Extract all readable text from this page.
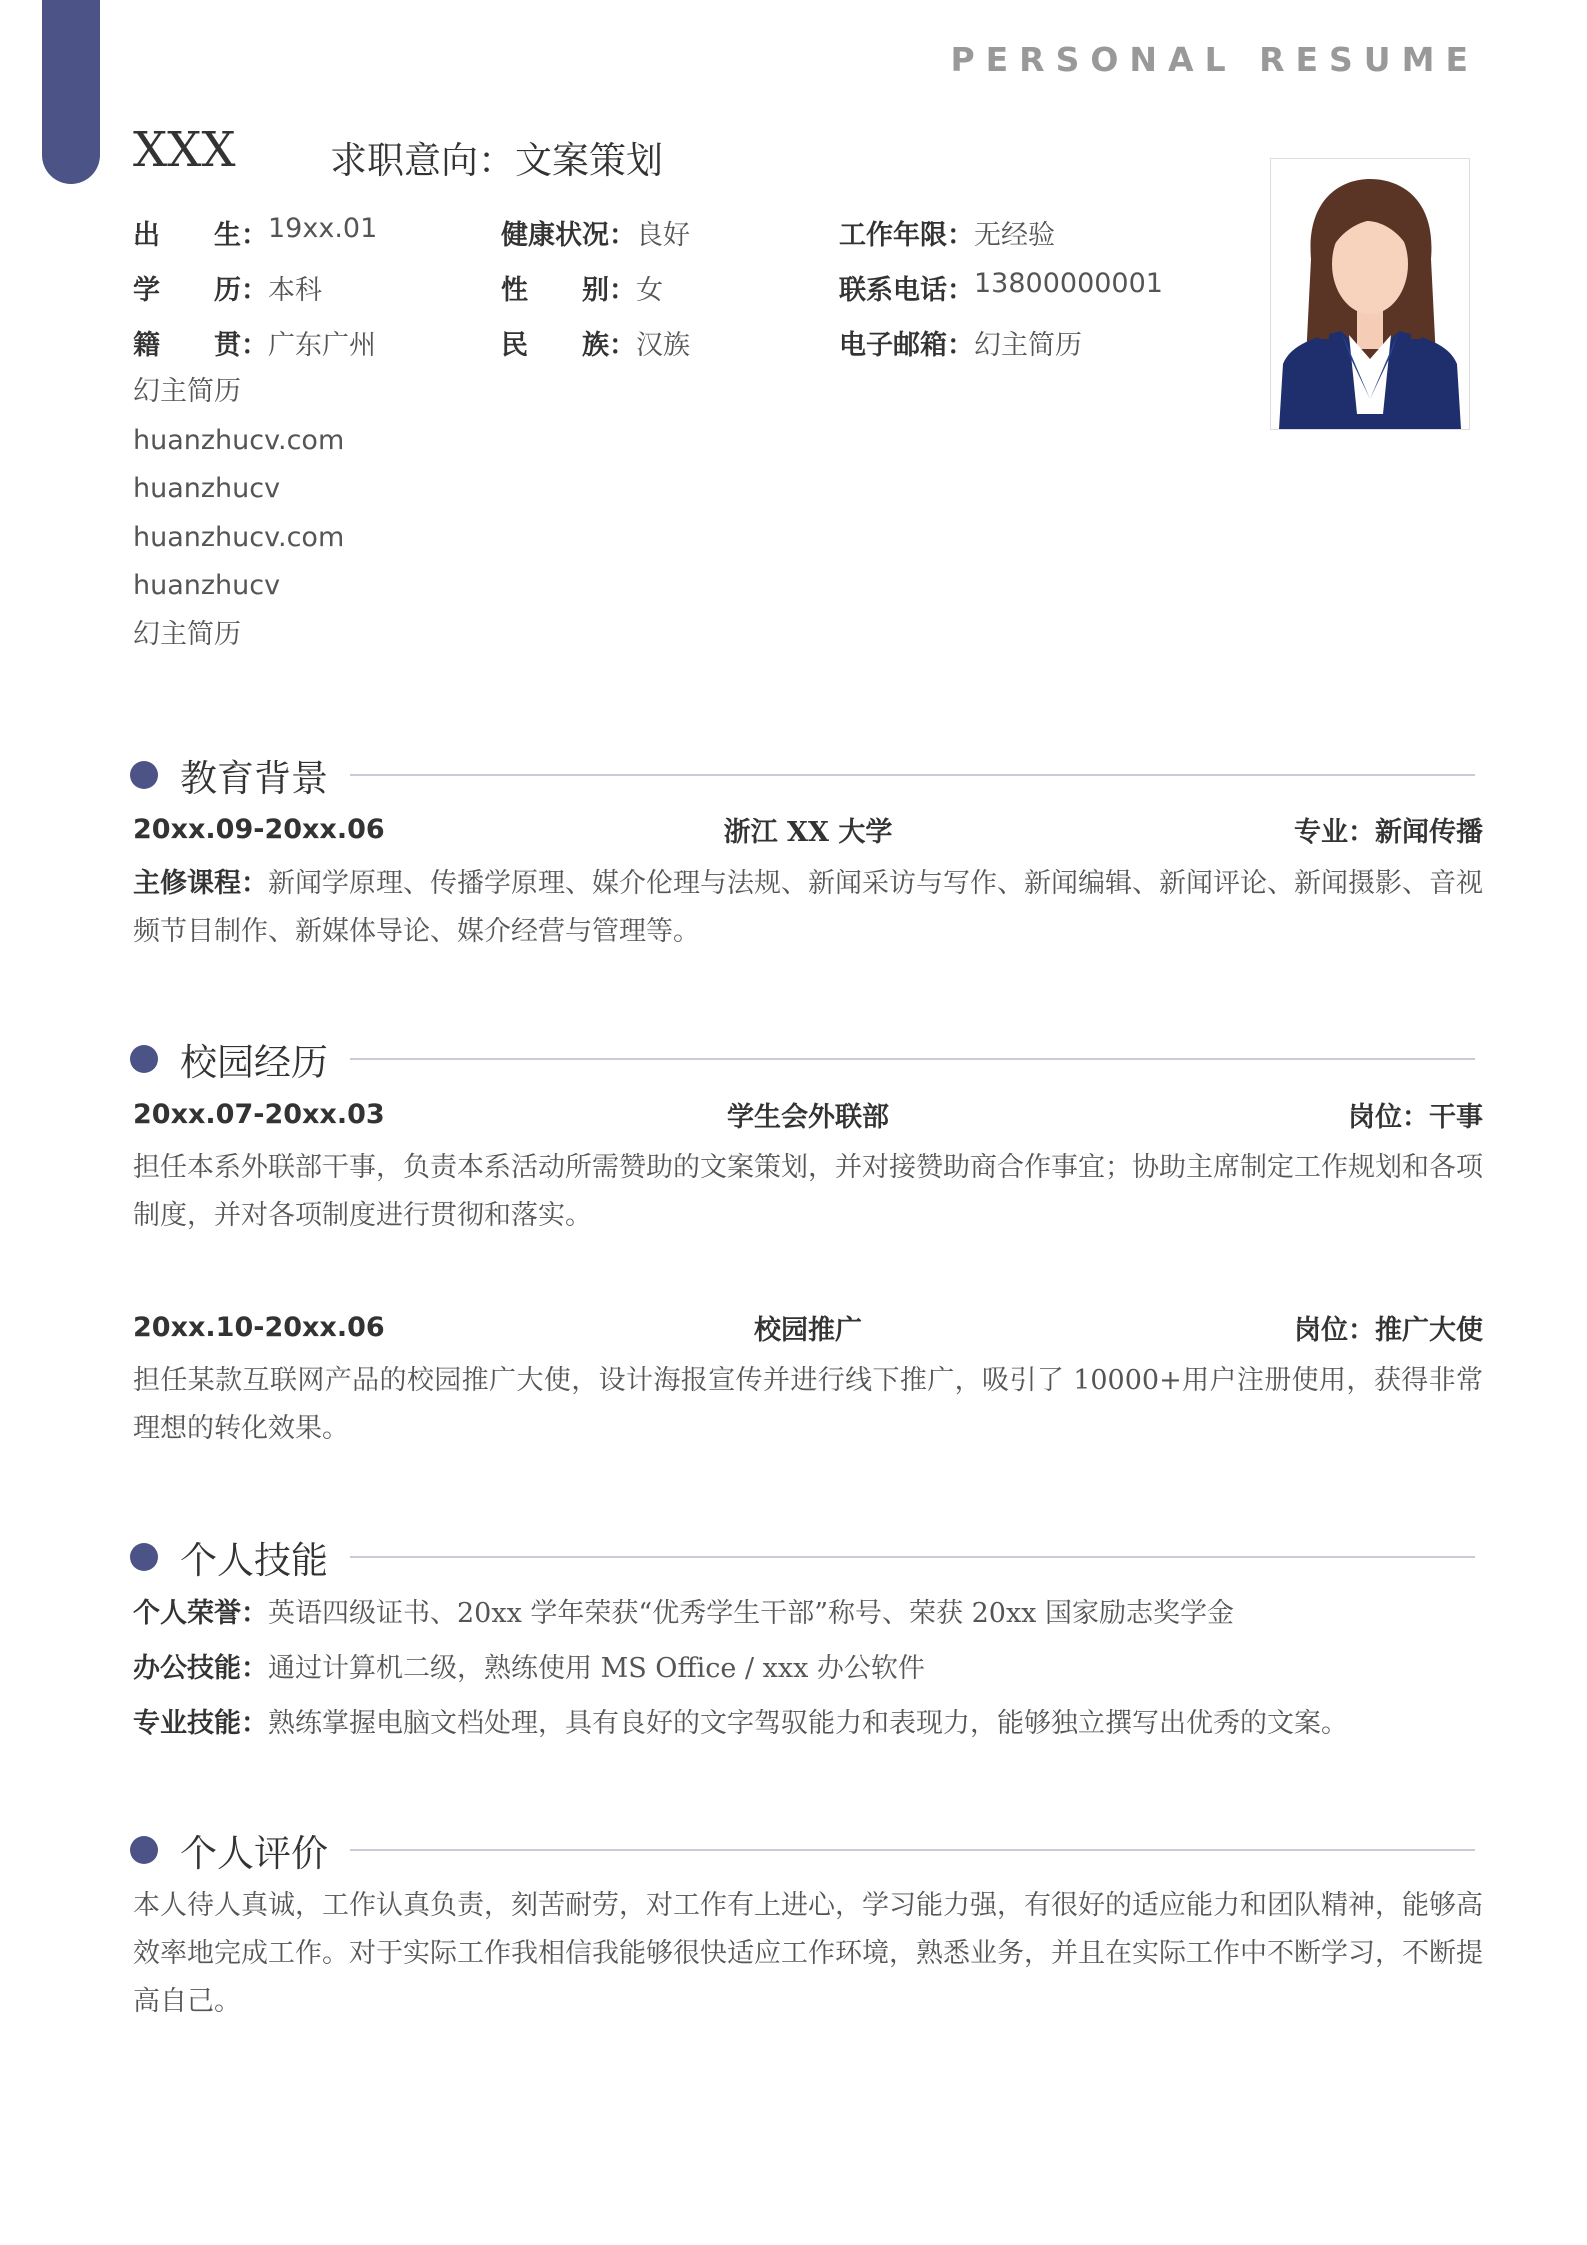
PERSONAL RESUME
XXX	求职意向：文案策划
出　　生： 19xx.01	健康状况： 良好	工作年限： 无经验
学　　历： 本科	性　　别： 女	联系电话： 13800000001
籍　　贯： 广东广州	民　　族： 汉族	电子邮箱： 幻主简历
幻主简历
huanzhucv.com
huanzhucv
huanzhucv.com
huanzhucv
幻主简历
教育背景
20xx.09-20xx.06	浙江 XX 大学	专业：新闻传播
主修课程：新闻学原理、传播学原理、媒介伦理与法规、新闻采访与写作、新闻编辑、新闻评论、新闻摄影、音视频节目制作、新媒体导论、媒介经营与管理等。
校园经历
20xx.07-20xx.03	学生会外联部	岗位：干事
担任本系外联部干事，负责本系活动所需赞助的文案策划，并对接赞助商合作事宜；协助主席制定工作规划和各项制度，并对各项制度进行贯彻和落实。
20xx.10-20xx.06	校园推广	岗位：推广大使
担任某款互联网产品的校园推广大使，设计海报宣传并进行线下推广，吸引了 10000+用户注册使用，获得非常理想的转化效果。
个人技能
个人荣誉：英语四级证书、20xx 学年荣获“优秀学生干部”称号、荣获 20xx 国家励志奖学金
办公技能：通过计算机二级，熟练使用 MS Office / xxx 办公软件
专业技能：熟练掌握电脑文档处理，具有良好的文字驾驭能力和表现力，能够独立撰写出优秀的文案。
个人评价
本人待人真诚，工作认真负责，刻苦耐劳，对工作有上进心，学习能力强，有很好的适应能力和团队精神，能够高效率地完成工作。对于实际工作我相信我能够很快适应工作环境，熟悉业务，并且在实际工作中不断学习，不断提高自己。
